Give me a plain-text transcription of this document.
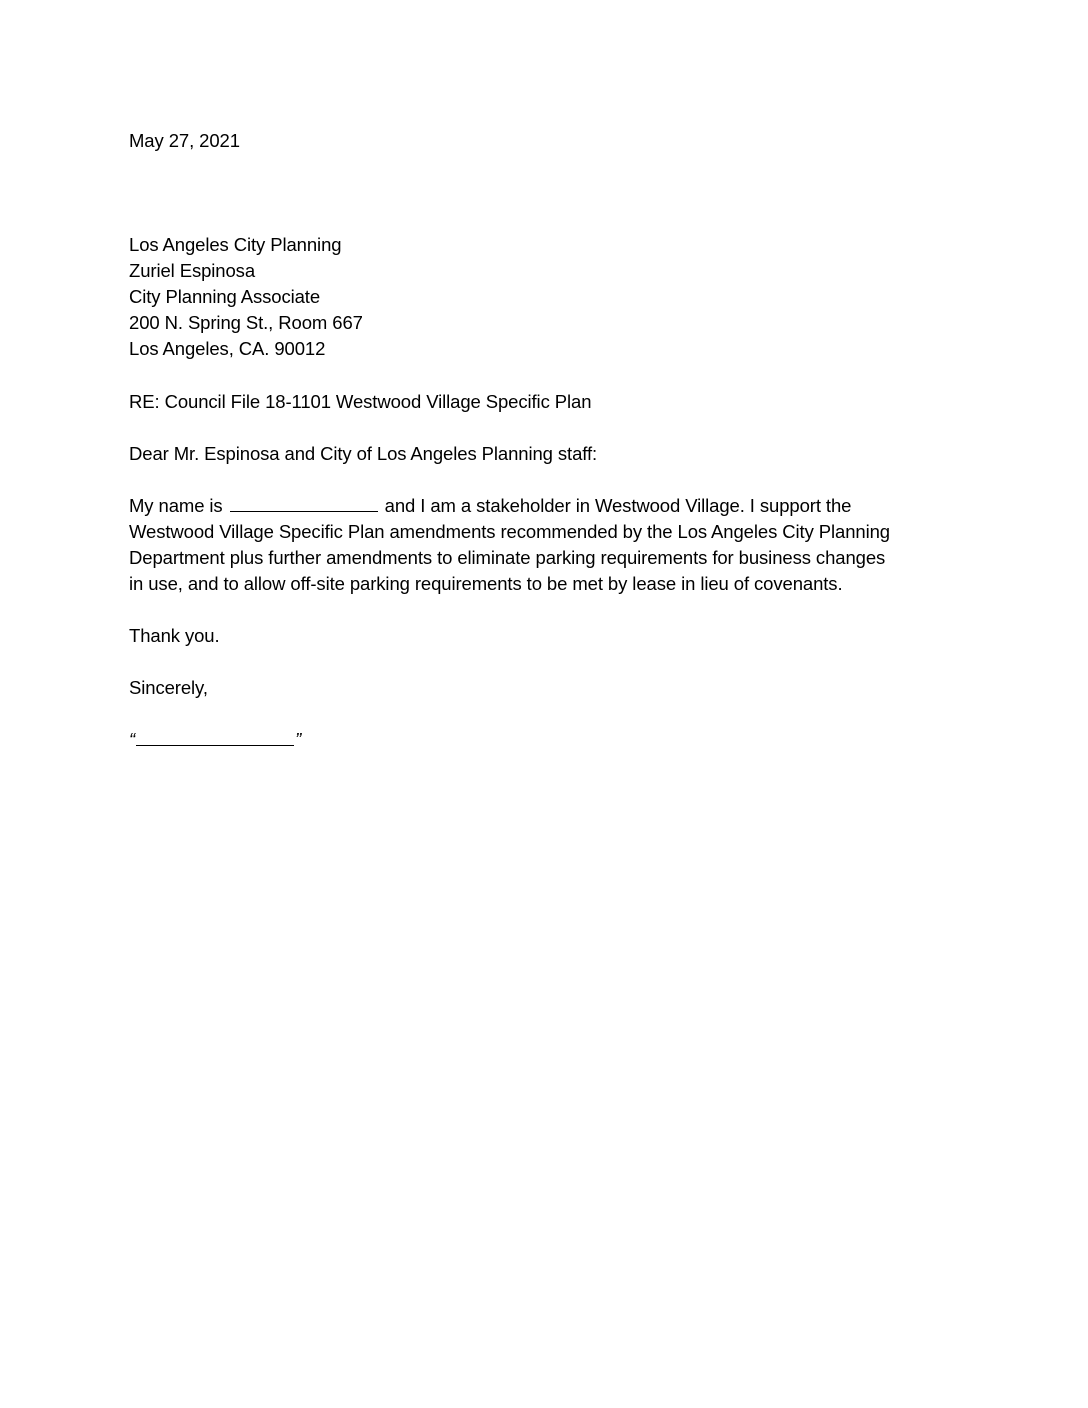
May 27, 2021
Los Angeles City Planning
Zuriel Espinosa
City Planning Associate
200 N. Spring St., Room 667
Los Angeles, CA. 90012
RE: Council File 18-1101 Westwood Village Specific Plan
Dear Mr. Espinosa and City of Los Angeles Planning staff:
My name is	and I am a stakeholder in Westwood Village. I support the
Westwood Village Specific Plan amendments recommended by the Los Angeles City Planning
Department plus further amendments to eliminate parking requirements for business changes
in use, and to allow off-site parking requirements to be met by lease in lieu of covenants.
Thank you.
Sincerely,
“	”
